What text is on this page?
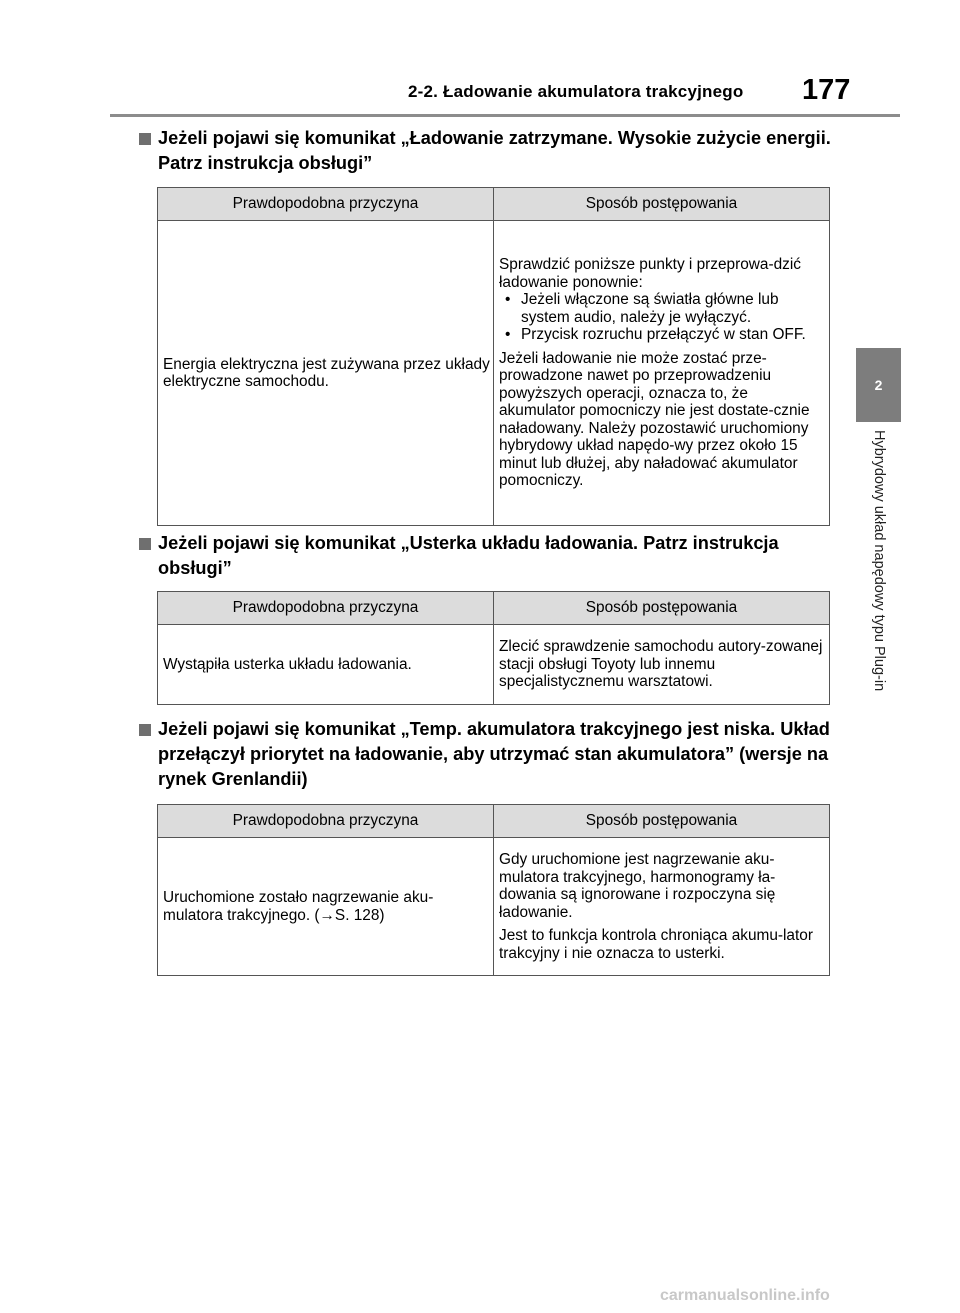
2-2. Ładowanie akumulatora trakcyjnego 177
2
Hybrydowy układ napędowy typu Plug-in
Jeżeli pojawi się komunikat „Ładowanie zatrzymane. Wysokie zużycie energii. Patrz instrukcja obsługi”
Prawdopodobna przyczyna	Sposób postępowania
Energia elektryczna jest zużywana przez układy elektryczne samochodu.	Sprawdzić poniższe punkty i przeprowa-dzić ładowanie ponownie:

• Jeżeli włączone są światła główne lub system audio, należy je wyłączyć.

• Przycisk rozruchu przełączyć w stan OFF.

Jeżeli ładowanie nie może zostać prze-prowadzone nawet po przeprowadzeniu powyższych operacji, oznacza to, że akumulator pomocniczy nie jest dostate-cznie naładowany. Należy pozostawić uruchomiony hybrydowy układ napędo-wy przez około 15 minut lub dłużej, aby naładować akumulator pomocniczy.

Jeżeli pojawi się komunikat „Usterka układu ładowania. Patrz instrukcja obsługi”
Prawdopodobna przyczyna	Sposób postępowania
Wystąpiła usterka układu ładowania.	Zlecić sprawdzenie samochodu autory-zowanej stacji obsługi Toyoty lub innemu specjalistycznemu warsztatowi.
Jeżeli pojawi się komunikat „Temp. akumulatora trakcyjnego jest niska. Układ przełączył priorytet na ładowanie, aby utrzymać stan akumulatora” (wersje na rynek Grenlandii)
Prawdopodobna przyczyna	Sposób postępowania
Uruchomione zostało nagrzewanie aku-mulatora trakcyjnego. (→S. 128)	Gdy uruchomione jest nagrzewanie aku-mulatora trakcyjnego, harmonogramy ła-dowania są ignorowane i rozpoczyna się ładowanie.

Jest to funkcja kontrola chroniąca akumu-lator trakcyjny i nie oznacza to usterki.

carmanualsonline.info
